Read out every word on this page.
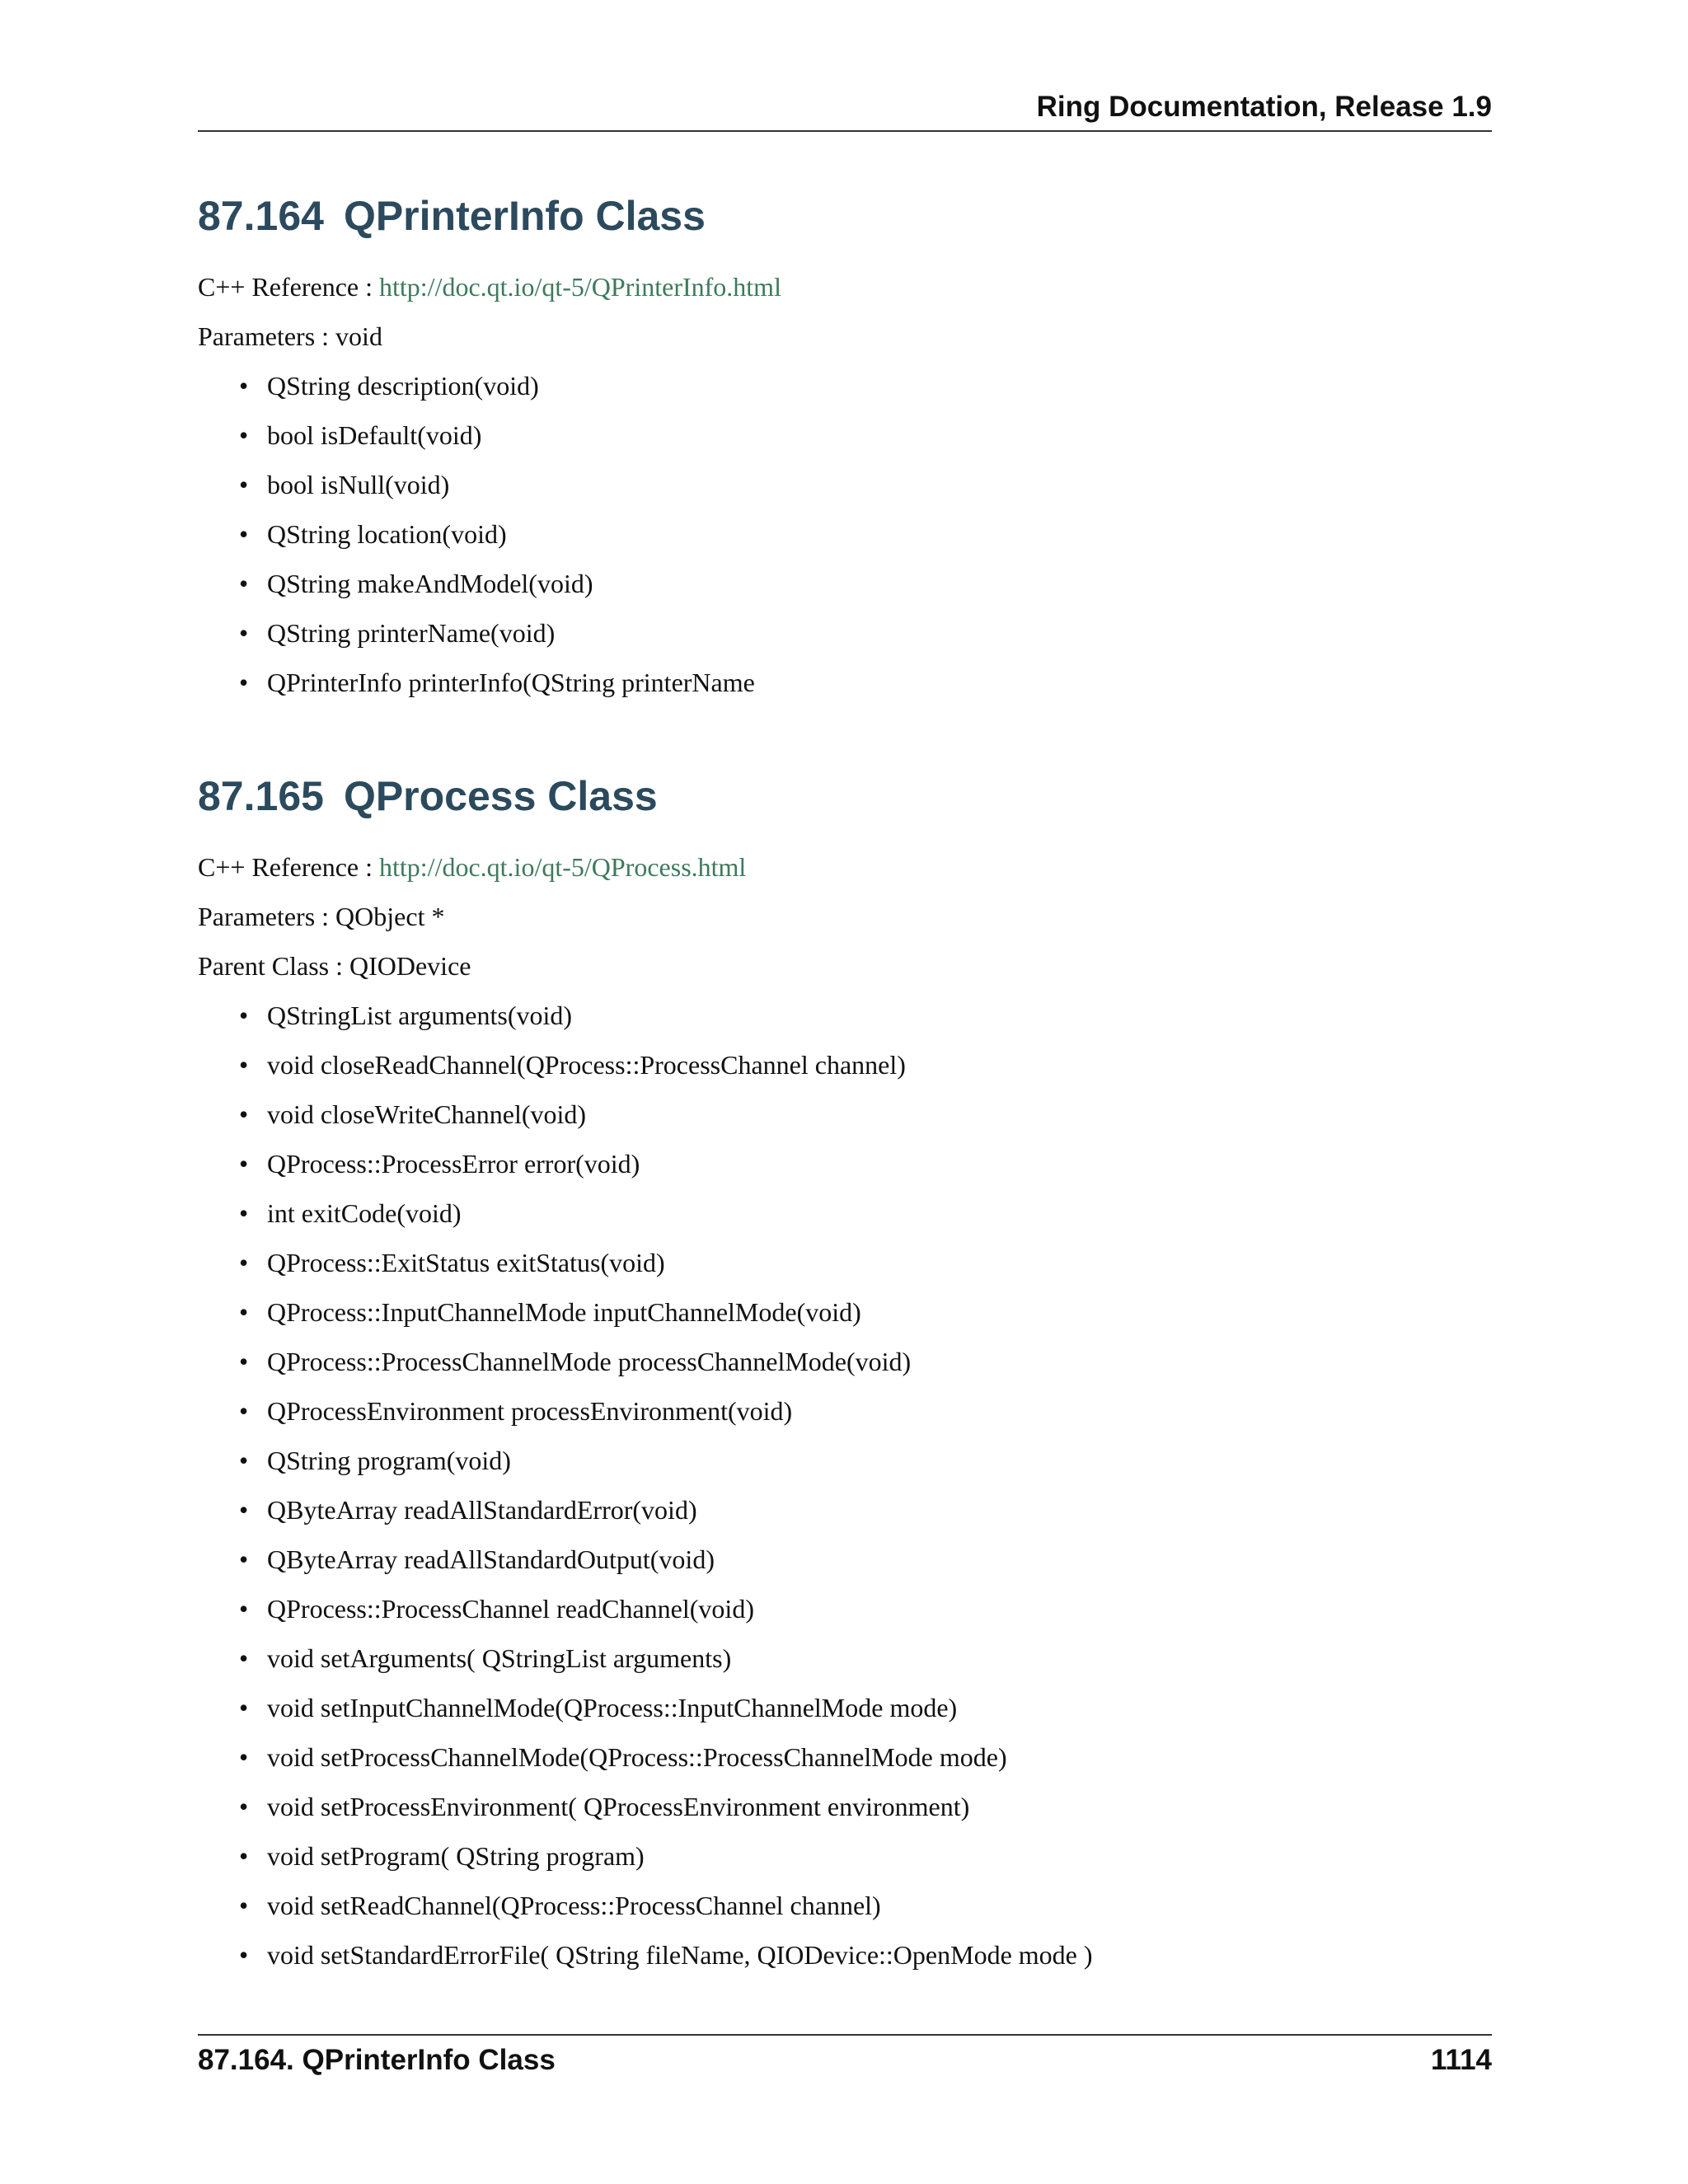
Ring Documentation, Release 1.9
87.164 QPrinterInfo Class

C++ Reference : http://doc.qt.io/qt-5/QPrinterInfo.html

Parameters : void

• QString description(void)
• bool isDefault(void)
• bool isNull(void)
• QString location(void)
• QString makeAndModel(void)
• QString printerName(void)
• QPrinterInfo printerInfo(QString printerName
87.165 QProcess Class

C++ Reference : http://doc.qt.io/qt-5/QProcess.html

Parameters : QObject *

Parent Class : QIODevice

• QStringList arguments(void)
• void closeReadChannel(QProcess::ProcessChannel channel)
• void closeWriteChannel(void)
• QProcess::ProcessError error(void)
• int exitCode(void)
• QProcess::ExitStatus exitStatus(void)
• QProcess::InputChannelMode inputChannelMode(void)
• QProcess::ProcessChannelMode processChannelMode(void)
• QProcessEnvironment processEnvironment(void)
• QString program(void)
• QByteArray readAllStandardError(void)
• QByteArray readAllStandardOutput(void)
• QProcess::ProcessChannel readChannel(void)
• void setArguments( QStringList arguments)
• void setInputChannelMode(QProcess::InputChannelMode mode)
• void setProcessChannelMode(QProcess::ProcessChannelMode mode)
• void setProcessEnvironment( QProcessEnvironment environment)
• void setProgram( QString program)
• void setReadChannel(QProcess::ProcessChannel channel)
• void setStandardErrorFile( QString fileName, QIODevice::OpenMode mode )
87.164. QPrinterInfo Class	1114
